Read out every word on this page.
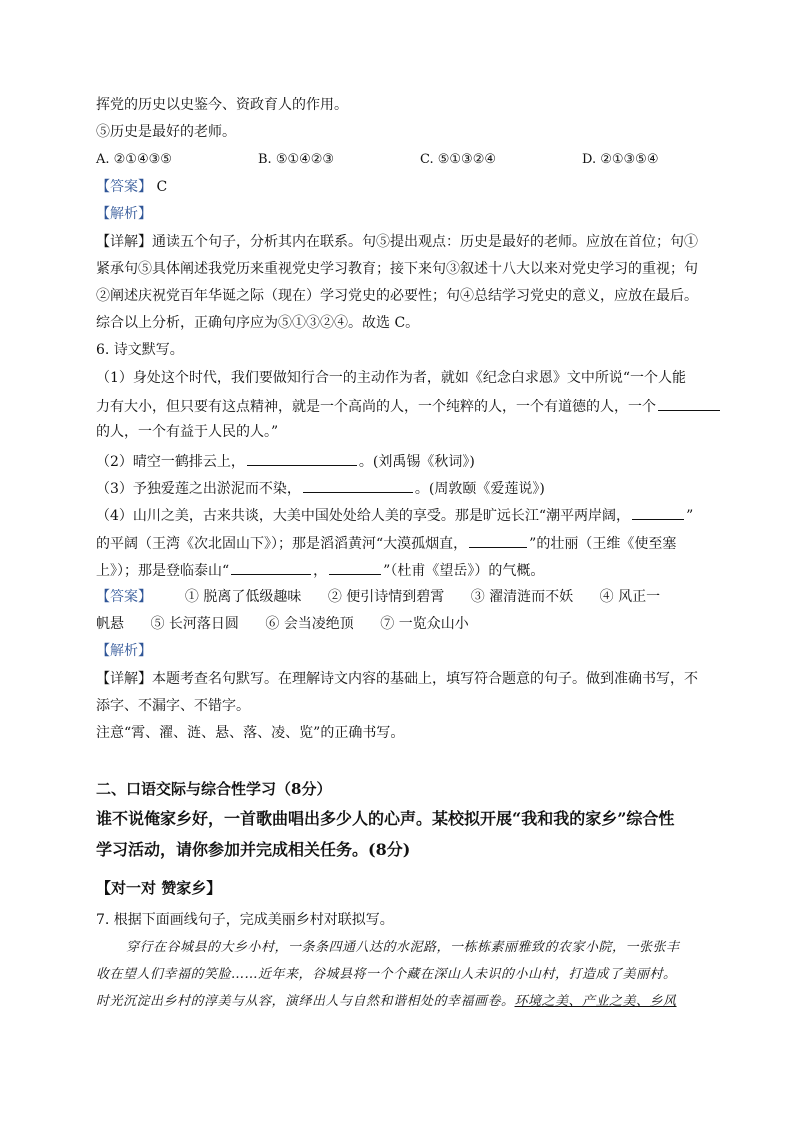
挥党的历史以史鉴今、资政育人的作用。
⑤历史是最好的老师。
A. ②①④③⑤	B. ⑤①④②③	C. ⑤①③②④	D. ②①③⑤④
【答案】 C
【解析】
【详解】通读五个句子，分析其内在联系。句⑤提出观点：历史是最好的老师。应放在首位；句①
紧承句⑤具体阐述我党历来重视党史学习教育；接下来句③叙述十八大以来对党史学习的重视；句
②阐述庆祝党百年华诞之际（现在）学习党史的必要性；句④总结学习党史的意义，应放在最后。
综合以上分析，正确句序应为⑤①③②④。故选 C。
6. 诗文默写。
（1）身处这个时代，我们要做知行合一的主动作为者，就如《纪念白求恩》文中所说“一个人能
力有大小，但只要有这点精神，就是一个高尚的人，一个纯粹的人，一个有道德的人，一个
的人，一个有益于人民的人。”
（2）晴空一鹤排云上，	。(刘禹锡《秋词》)
（3）予独爱莲之出淤泥而不染，	。(周敦颐《爱莲说》)
（4）山川之美，古来共谈，大美中国处处给人美的享受。那是旷远长江“潮平两岸阔，	”
的平阔（王湾《次北固山下》）；那是滔滔黄河“大漠孤烟直，	”的壮丽（王维《使至塞
上》）；那是登临泰山“	，	”（杜甫《望岳》）的气概。
【答案】 ① 脱离了低级趣味 ② 便引诗情到碧霄 ③ 濯清涟而不妖 ④ 风正一
帆悬 ⑤ 长河落日圆 ⑥ 会当凌绝顶 ⑦ 一览众山小
【解析】
【详解】本题考查名句默写。在理解诗文内容的基础上，填写符合题意的句子。做到准确书写，不
添字、不漏字、不错字。
注意“霄、濯、涟、悬、落、凌、览”的正确书写。
二、口语交际与综合性学习（8分）
谁不说俺家乡好，一首歌曲唱出多少人的心声。某校拟开展“我和我的家乡”综合性
学习活动，请你参加并完成相关任务。(8分)
【对一对 赞家乡】
7. 根据下面画线句子，完成美丽乡村对联拟写。
穿行在谷城县的大乡小村，一条条四通八达的水泥路，一栋栋素丽雅致的农家小院，一张张丰
收在望人们幸福的笑脸……近年来，谷城县将一个个藏在深山人未识的小山村，打造成了美丽村。
时光沉淀出乡村的淳美与从容，演绎出人与自然和谐相处的幸福画卷。环境之美、产业之美、乡风
